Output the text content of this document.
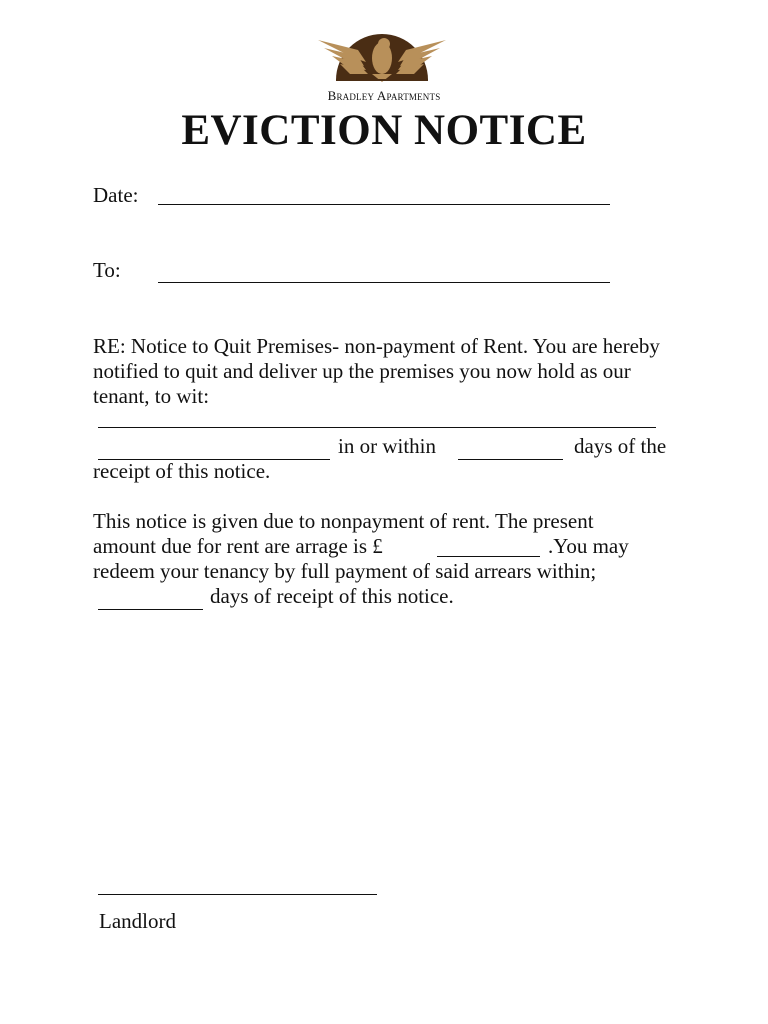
Bradley Apartments
EVICTION NOTICE
Date:
To:
RE: Notice to Quit Premises- non-payment of Rent. You are hereby notified to quit and deliver up the premises you now hold as our tenant, to wit:
in or within	days of the
receipt of this notice.
This notice is given due to nonpayment of rent. The present
amount due for rent are arrage is £	.You may
redeem your tenancy by full payment of said arrears within;
days of receipt of this notice.
Landlord
